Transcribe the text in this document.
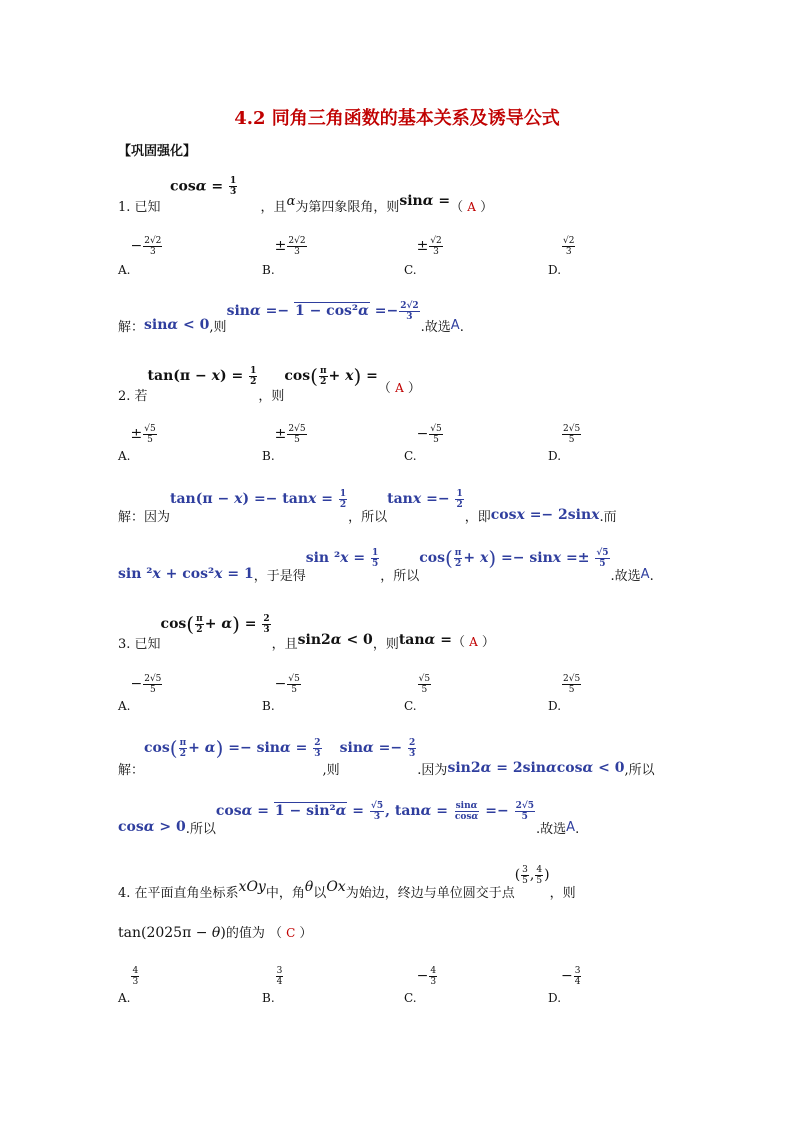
4.2 同角三角函数的基本关系及诱导公式
【巩固强化】
$\cos\alpha = \frac{1}{3}$
1. 已知	，且α为第四象限角，则sinα =（ A ）
$A.- \frac{2√2}{3}$
$B.\pm \frac{2√2}{3}$
$C.\pm \frac{√2}{3}$
D.
$\frac{√2}{3}$
解：sinα < 0,则$\sin\alpha =- 1 - \cos^2\alpha =- \frac{2√2}{3}$
.故选A.
2. 若$\tan(\pi - x) = \frac{1}{2}$
，则$\cos( \frac{\pi}{2} + x)$ =（ A ）
$A.\pm \frac{√5}{5}$
$B.\pm \frac{2√5}{5}$
$C.- \frac{√5}{5}$
D.
$\frac{2√5}{5}$
解：因为$\tan(\pi - x) =- \tan x = \frac{1}{2}$
，所以$\tan x =- \frac{1}{2}$
，即cosx =− 2sinx.而
sin ²x + cos²x = 1，于是得$\sin ^2x = \frac{1}{5}$
，所以$\cos( \frac{\pi}{2} + x) =- \sin x =\pm \frac{√5}{5}$
.故选A.
3. 已知$\cos( \frac{\pi}{2} + \alpha) = \frac{2}{3}$
，且sin2α < 0，则tanα =（ A ）
$A.- \frac{2√5}{5}$
$B.- \frac{√5}{5}$
C.
$\frac{√5}{5}$
D.
$\frac{2√5}{5}$
解：$\cos( \frac{\pi}{2} + \alpha) =- \sin\alpha = \frac{2}{3}$
,则$\sin\alpha =- \frac{2}{3}$
.因为sin2α = 2sinαcosα < 0,所以
cosα > 0.所以$\cos\alpha = 1 - \sin^2\alpha = \frac{√5}{3}$ , $\tan\alpha = \frac{\sin\alpha}{\cos\alpha} =- \frac{2√5}{5}$
.故选A.
4. 在平面直角坐标系xOy中，角θ以Ox为始边，终边与单位圆交于点( $\frac{3}{5}$ , $\frac{4}{5}$ )，则
tan(2025π − θ)的值为 （ C ）
A.
$\frac{4}{3}$
B.
$\frac{3}{4}$
$C.- \frac{4}{3}$
$D.- \frac{3}{4}$
